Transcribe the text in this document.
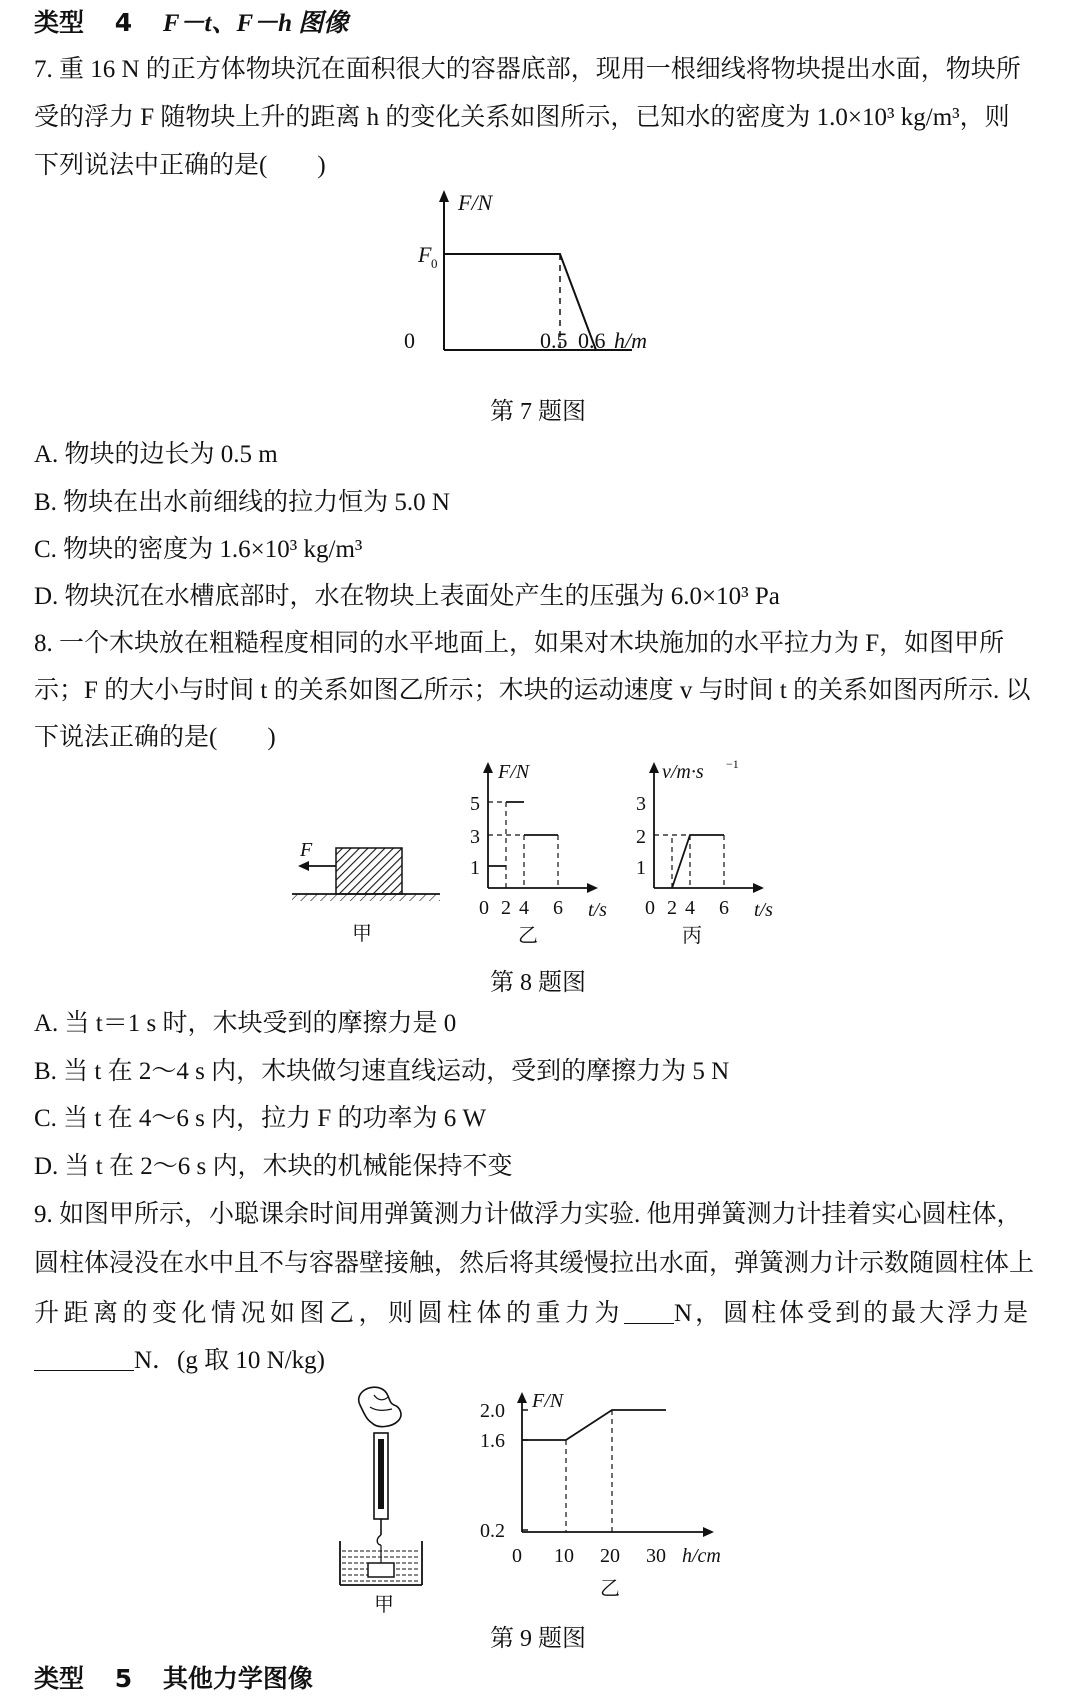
类型 4 F－t、F－h 图像
7. 重 16 N 的正方体物块沉在面积很大的容器底部，现用一根细线将物块提出水面，物块所
受的浮力 F 随物块上升的距离 h 的变化关系如图所示，已知水的密度为 1.0×10³ kg/m³，则
下列说法中正确的是(　　)
F/N
F 0
0	0.5 0.6 h/m
第 7 题图
A. 物块的边长为 0.5 m
B. 物块在出水前细线的拉力恒为 5.0 N
C. 物块的密度为 1.6×10³ kg/m³
D. 物块沉在水槽底部时，水在物块上表面处产生的压强为 6.0×10³ Pa
8. 一个木块放在粗糙程度相同的水平地面上，如果对木块施加的水平拉力为 F，如图甲所
示；F 的大小与时间 t 的关系如图乙所示；木块的运动速度 v 与时间 t 的关系如图丙所示. 以
下说法正确的是(　　)
F
甲
5
3
1
F/N
0 2 4 6 t/s
乙
3
2
1
v/m·s −1
0 2 4 6 t/s
丙
第 8 题图
A. 当 t＝1 s 时，木块受到的摩擦力是 0
B. 当 t 在 2～4 s 内，木块做匀速直线运动，受到的摩擦力为 5 N
C. 当 t 在 4～6 s 内，拉力 F 的功率为 6 W
D. 当 t 在 2～6 s 内，木块的机械能保持不变
9. 如图甲所示，小聪课余时间用弹簧测力计做浮力实验. 他用弹簧测力计挂着实心圆柱体，
圆柱体浸没在水中且不与容器壁接触，然后将其缓慢拉出水面，弹簧测力计示数随圆柱体上
升距离的变化情况如图乙，则圆柱体的重力为 N，圆柱体受到的最大浮力是
N．(g 取 10 N/kg)
甲
2.0
1.6
0.2
F/N
0 10 20 30 h/cm
乙
第 9 题图
类型 5 其他力学图像
